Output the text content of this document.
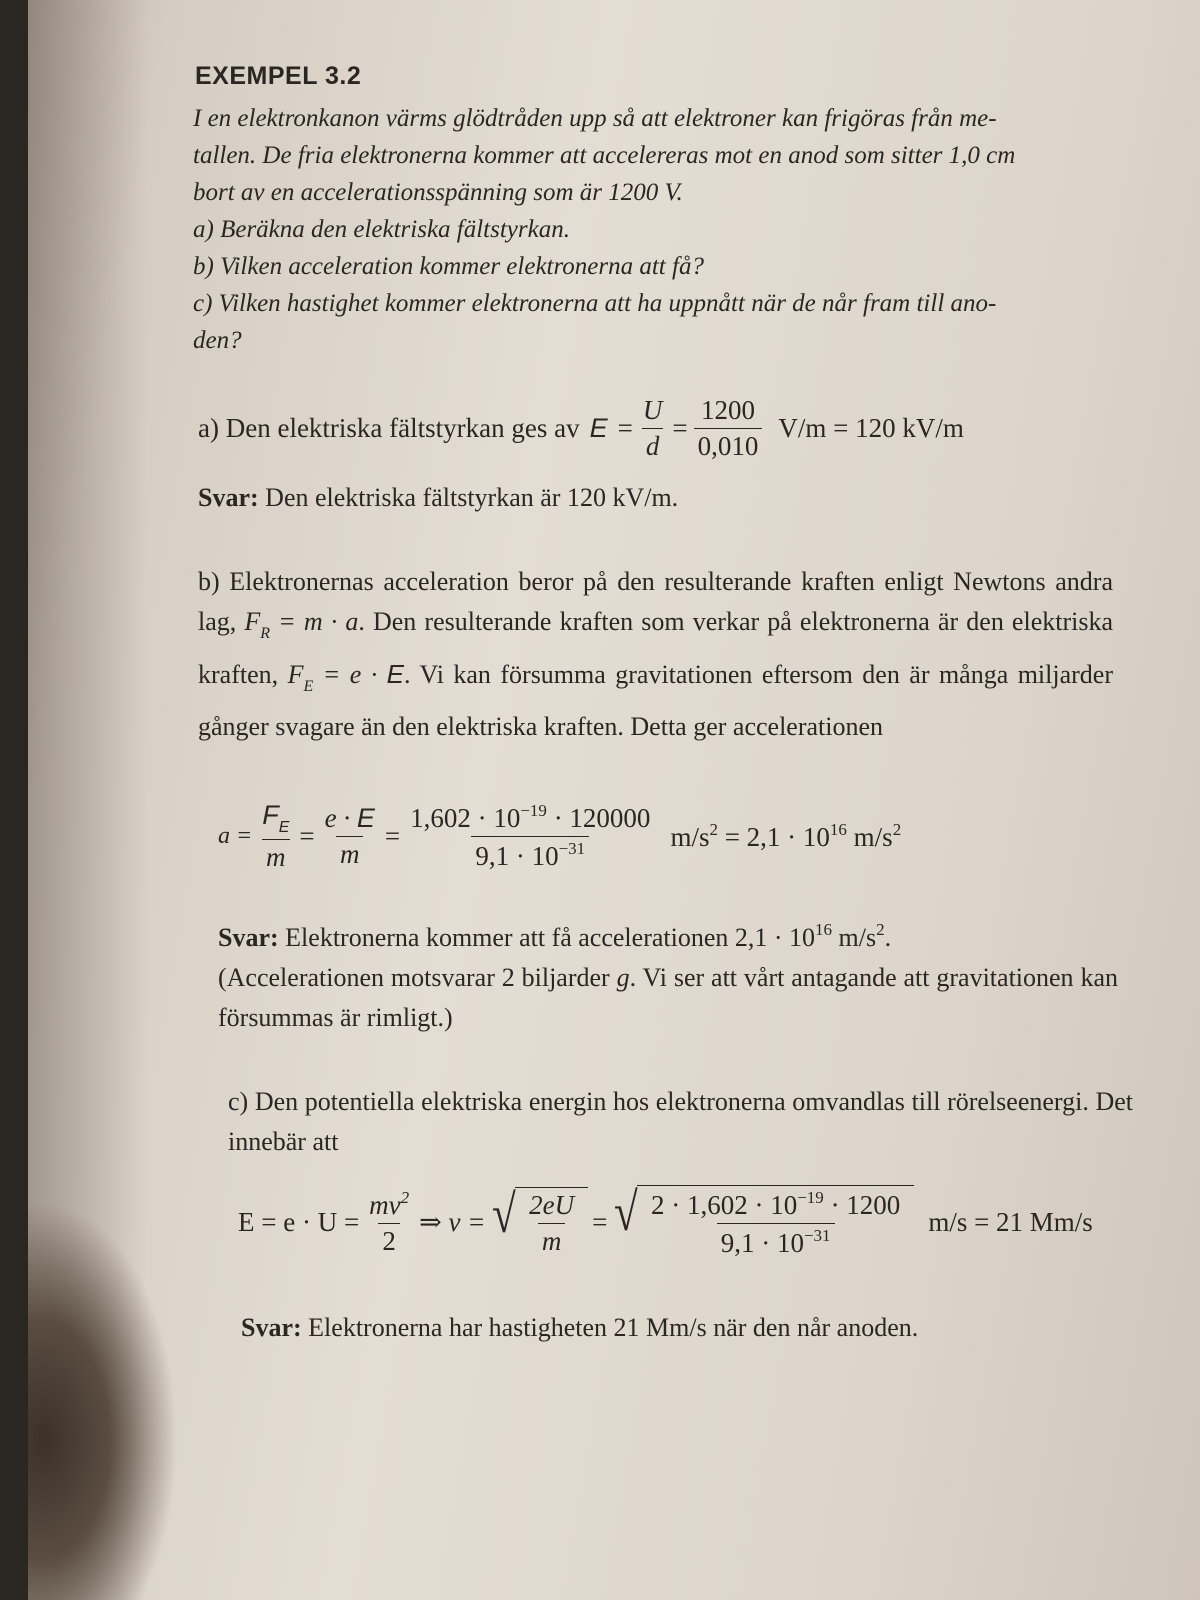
EXEMPEL 3.2

I en elektronkanon värms glödtråden upp så att elektroner kan frigöras från me-

tallen. De fria elektronerna kommer att accelereras mot en anod som sitter 1,0 cm

bort av en accelerationsspänning som är 1200 V.

a) Beräkna den elektriska fältstyrkan.

b) Vilken acceleration kommer elektronerna att få?

c) Vilken hastighet kommer elektronerna att ha uppnått när de når fram till ano-

den?

a) Den elektriska fältstyrkan ges av $E = \frac{U}{d} = \frac{1200}{0,010} V/m = 120$ kV/m

Svar: Den elektriska fältstyrkan är 120 kV/m.

b) Elektronernas acceleration beror på den resulterande kraften enligt Newtons andra lag, $F_R = m \cdot a$. Den resulterande kraften som verkar på elektronerna är den elektriska kraften, $F_E = e \cdot E$. Vi kan försumma gravitationen eftersom den är många miljarder gånger svagare än den elektriska kraften. Detta ger accelerationen

$a = \frac{F_E}{m} = \frac{e \cdot E}{m} = \frac{1,602 \cdot 10^{-19} \cdot 120000}{9,1 \cdot 10^{-31}} m/s^2 = 2,1 \cdot 10^{16}$ $m/s^2$

Svar: Elektronerna kommer att få accelerationen $2,1 \cdot 10^{16}$ $m/s^2$.

(Accelerationen motsvarar 2 biljarder g. Vi ser att vårt antagande att gravitationen kan försummas är rimligt.)

c) Den potentiella elektriska energin hos elektronerna omvandlas till rörelseenergi. Det innebär att

$E = e \cdot U = \frac{mv^2}{2}$ ⇒ v = √ $\frac{2eU}{m}$ = √ $\frac{2 \cdot 1,602 \cdot 10^{-19} \cdot 1200}{9,1 \cdot 10^{-31}} m/s = 21$ Mm/s

Svar: Elektronerna har hastigheten 21 Mm/s när den når anoden.
